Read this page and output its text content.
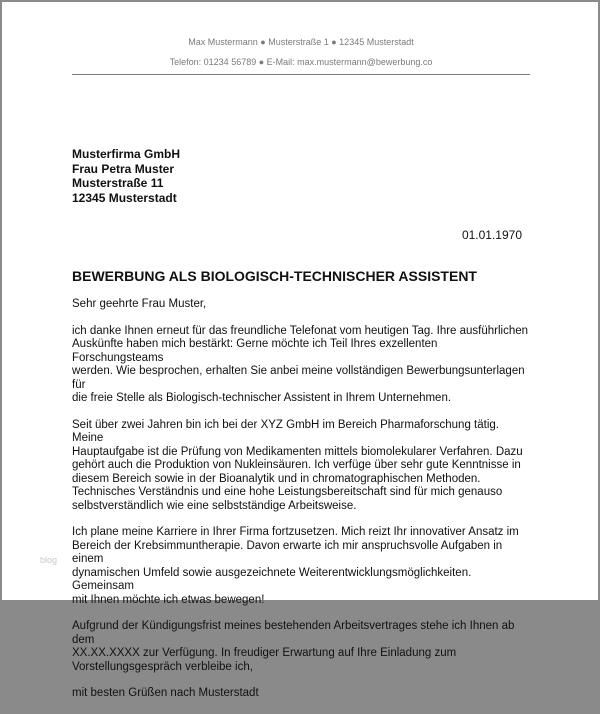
Max Mustermann ● Musterstraße 1 ● 12345 Musterstadt
Telefon: 01234 56789 ● E-Mail: max.mustermann@bewerbung.co
Musterfirma GmbH
Frau Petra Muster
Musterstraße 11
12345 Musterstadt
01.01.1970
BEWERBUNG ALS BIOLOGISCH-TECHNISCHER ASSISTENT

Sehr geehrte Frau Muster,

ich danke Ihnen erneut für das freundliche Telefonat vom heutigen Tag. Ihre ausführlichen
Auskünfte haben mich bestärkt: Gerne möchte ich Teil Ihres exzellenten Forschungsteams
werden. Wie besprochen, erhalten Sie anbei meine vollständigen Bewerbungsunterlagen für
die freie Stelle als Biologisch-technischer Assistent in Ihrem Unternehmen.

Seit über zwei Jahren bin ich bei der XYZ GmbH im Bereich Pharmaforschung tätig. Meine
Hauptaufgabe ist die Prüfung von Medikamenten mittels biomolekularer Verfahren. Dazu
gehört auch die Produktion von Nukleinsäuren. Ich verfüge über sehr gute Kenntnisse in
diesem Bereich sowie in der Bioanalytik und in chromatographischen Methoden.
Technisches Verständnis und eine hohe Leistungsbereitschaft sind für mich genauso
selbstverständlich wie eine selbstständige Arbeitsweise.

Ich plane meine Karriere in Ihrer Firma fortzusetzen. Mich reizt Ihr innovativer Ansatz im
Bereich der Krebsimmuntherapie. Davon erwarte ich mir anspruchsvolle Aufgaben in einem
dynamischen Umfeld sowie ausgezeichnete Weiterentwicklungsmöglichkeiten. Gemeinsam
mit Ihnen möchte ich etwas bewegen!

Aufgrund der Kündigungsfrist meines bestehenden Arbeitsvertrages stehe ich Ihnen ab dem
XX.XX.XXXX zur Verfügung. In freudiger Erwartung auf Ihre Einladung zum
Vorstellungsgespräch verbleibe ich,

mit besten Grüßen nach Musterstadt

blog
